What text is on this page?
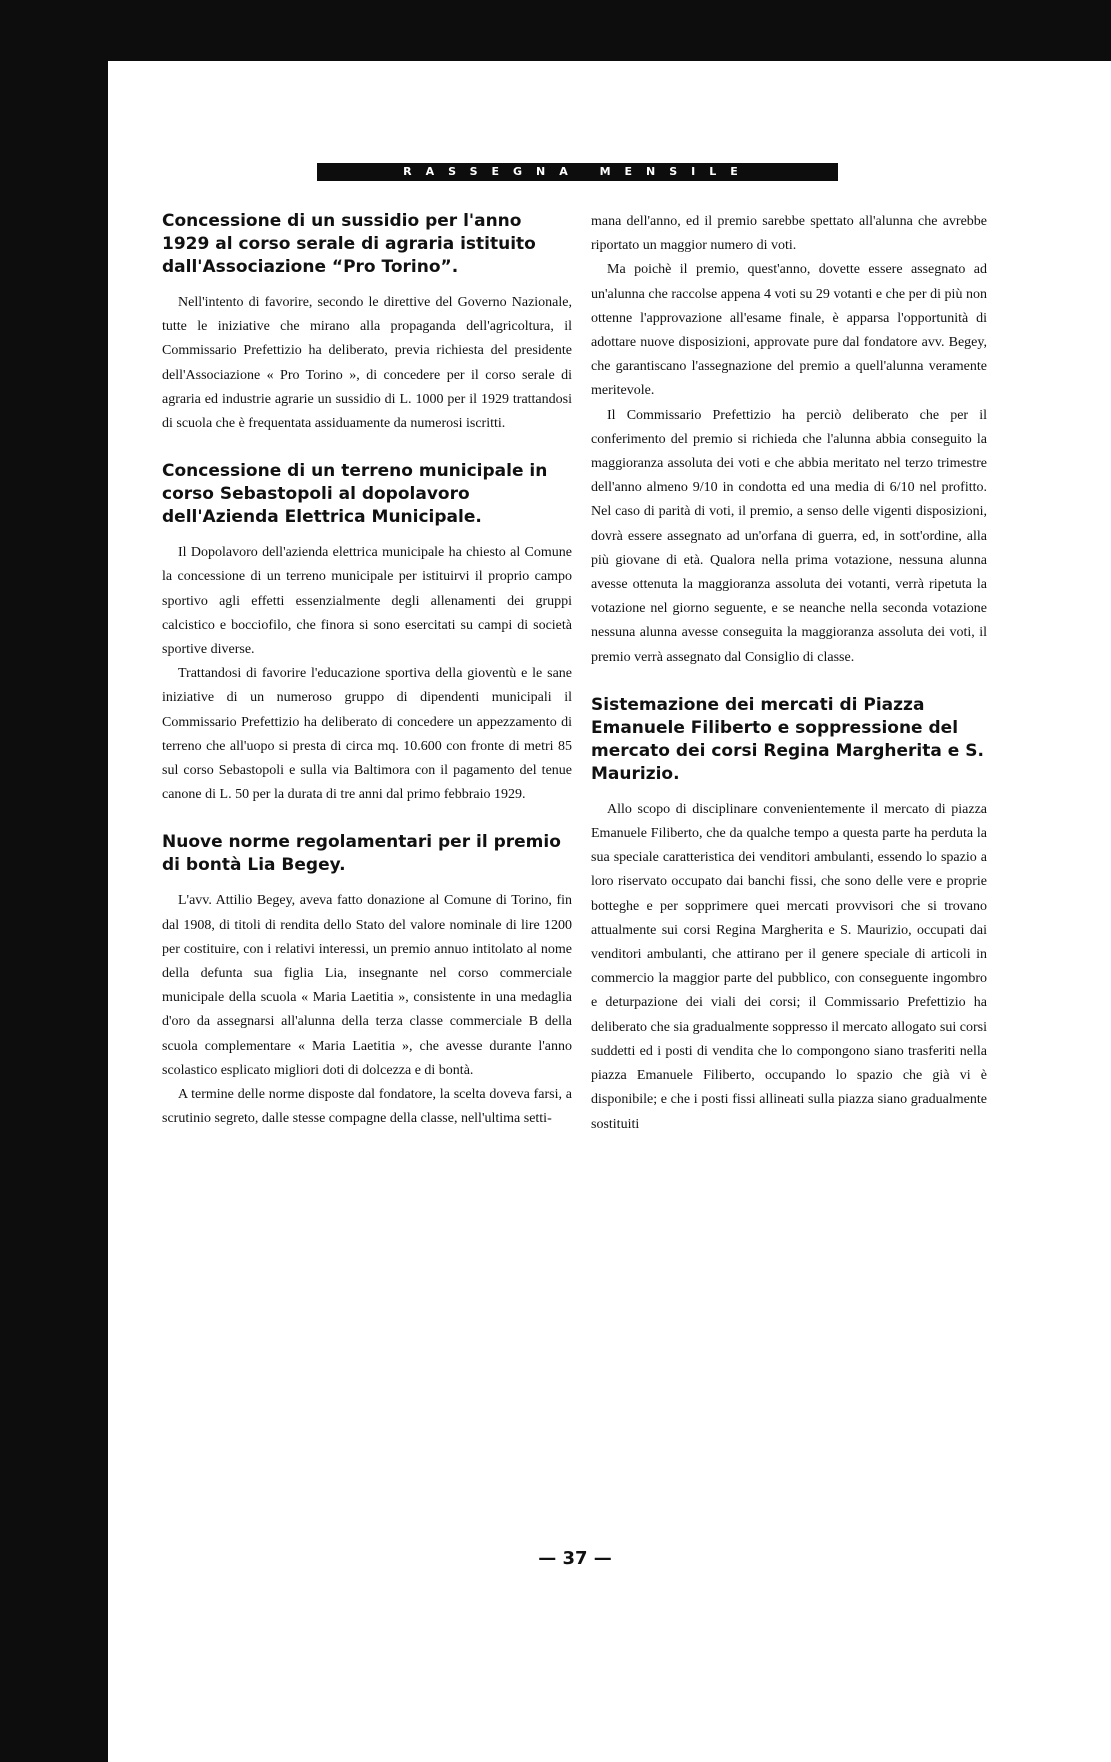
RASSEGNA MENSILE
Concessione di un sussidio per l'anno 1929 al corso serale di agraria istituito dall'Associazione “Pro Torino”.

Nell'intento di favorire, secondo le direttive del Governo Nazionale, tutte le iniziative che mirano alla propaganda dell'agricoltura, il Commissario Prefettizio ha deliberato, previa richiesta del presidente dell'Associazione « Pro Torino », di concedere per il corso serale di agraria ed industrie agrarie un sussidio di L. 1000 per il 1929 trattandosi di scuola che è frequentata assiduamente da numerosi iscritti.

Concessione di un terreno municipale in corso Sebastopoli al dopolavoro dell'Azienda Elettrica Municipale.

Il Dopolavoro dell'azienda elettrica municipale ha chiesto al Comune la concessione di un terreno municipale per istituirvi il proprio campo sportivo agli effetti essenzialmente degli allenamenti dei gruppi calcistico e bocciofilo, che finora si sono esercitati su campi di società sportive diverse.

Trattandosi di favorire l'educazione sportiva della gioventù e le sane iniziative di un numeroso gruppo di dipendenti municipali il Commissario Prefettizio ha deliberato di concedere un appezzamento di terreno che all'uopo si presta di circa mq. 10.600 con fronte di metri 85 sul corso Sebastopoli e sulla via Baltimora con il pagamento del tenue canone di L. 50 per la durata di tre anni dal primo febbraio 1929.

Nuove norme regolamentari per il premio di bontà Lia Begey.

L'avv. Attilio Begey, aveva fatto donazione al Comune di Torino, fin dal 1908, di titoli di rendita dello Stato del valore nominale di lire 1200 per costituire, con i relativi interessi, un premio annuo intitolato al nome della defunta sua figlia Lia, insegnante nel corso commerciale municipale della scuola « Maria Laetitia », consistente in una medaglia d'oro da assegnarsi all'alunna della terza classe commerciale B della scuola complementare « Maria Laetitia », che avesse durante l'anno scolastico esplicato migliori doti di dolcezza e di bontà.

A termine delle norme disposte dal fondatore, la scelta doveva farsi, a scrutinio segreto, dalle stesse compagne della classe, nell'ultima setti-

mana dell'anno, ed il premio sarebbe spettato all'alunna che avrebbe riportato un maggior numero di voti.

Ma poichè il premio, quest'anno, dovette essere assegnato ad un'alunna che raccolse appena 4 voti su 29 votanti e che per di più non ottenne l'approvazione all'esame finale, è apparsa l'opportunità di adottare nuove disposizioni, approvate pure dal fondatore avv. Begey, che garantiscano l'assegnazione del premio a quell'alunna veramente meritevole.

Il Commissario Prefettizio ha perciò deliberato che per il conferimento del premio si richieda che l'alunna abbia conseguito la maggioranza assoluta dei voti e che abbia meritato nel terzo trimestre dell'anno almeno 9/10 in condotta ed una media di 6/10 nel profitto. Nel caso di parità di voti, il premio, a senso delle vigenti disposizioni, dovrà essere assegnato ad un'orfana di guerra, ed, in sott'ordine, alla più giovane di età. Qualora nella prima votazione, nessuna alunna avesse ottenuta la maggioranza assoluta dei votanti, verrà ripetuta la votazione nel giorno seguente, e se neanche nella seconda votazione nessuna alunna avesse conseguita la maggioranza assoluta dei voti, il premio verrà assegnato dal Consiglio di classe.

Sistemazione dei mercati di Piazza Emanuele Filiberto e soppressione del mercato dei corsi Regina Margherita e S. Maurizio.

Allo scopo di disciplinare convenientemente il mercato di piazza Emanuele Filiberto, che da qualche tempo a questa parte ha perduta la sua speciale caratteristica dei venditori ambulanti, essendo lo spazio a loro riservato occupato dai banchi fissi, che sono delle vere e proprie botteghe e per sopprimere quei mercati provvisori che si trovano attualmente sui corsi Regina Margherita e S. Maurizio, occupati dai venditori ambulanti, che attirano per il genere speciale di articoli in commercio la maggior parte del pubblico, con conseguente ingombro e deturpazione dei viali dei corsi; il Commissario Prefettizio ha deliberato che sia gradualmente soppresso il mercato allogato sui corsi suddetti ed i posti di vendita che lo compongono siano trasferiti nella piazza Emanuele Filiberto, occupando lo spazio che già vi è disponibile; e che i posti fissi allineati sulla piazza siano gradualmente sostituiti

— 37 —
